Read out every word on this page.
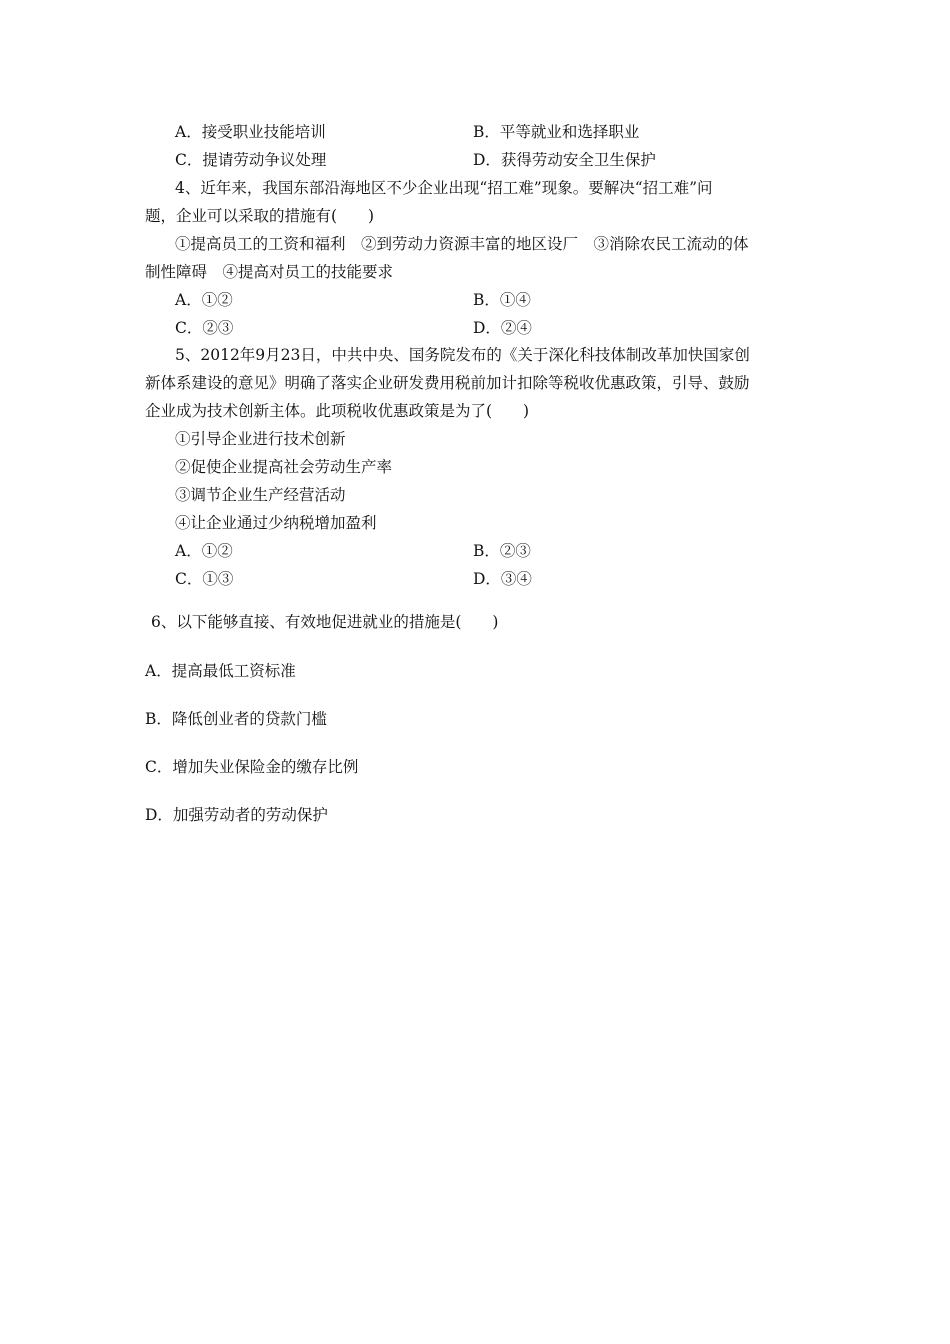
A．接受职业技能培训	B．平等就业和选择职业
C．提请劳动争议处理	D．获得劳动安全卫生保护
4、近年来，我国东部沿海地区不少企业出现“招工难”现象。要解决“招工难”问
题，企业可以采取的措施有(　　)
①提高员工的工资和福利　②到劳动力资源丰富的地区设厂　③消除农民工流动的体
制性障碍　④提高对员工的技能要求
A．①②	B．①④
C．②③	D．②④
5、2012年9月23日，中共中央、国务院发布的《关于深化科技体制改革加快国家创
新体系建设的意见》明确了落实企业研发费用税前加计扣除等税收优惠政策，引导、鼓励
企业成为技术创新主体。此项税收优惠政策是为了(　　)
①引导企业进行技术创新
②促使企业提高社会劳动生产率
③调节企业生产经营活动
④让企业通过少纳税增加盈利
A．①②	B．②③
C．①③	D．③④
6、以下能够直接、有效地促进就业的措施是(　　)
A．提高最低工资标准
B．降低创业者的贷款门槛
C．增加失业保险金的缴存比例
D．加强劳动者的劳动保护
